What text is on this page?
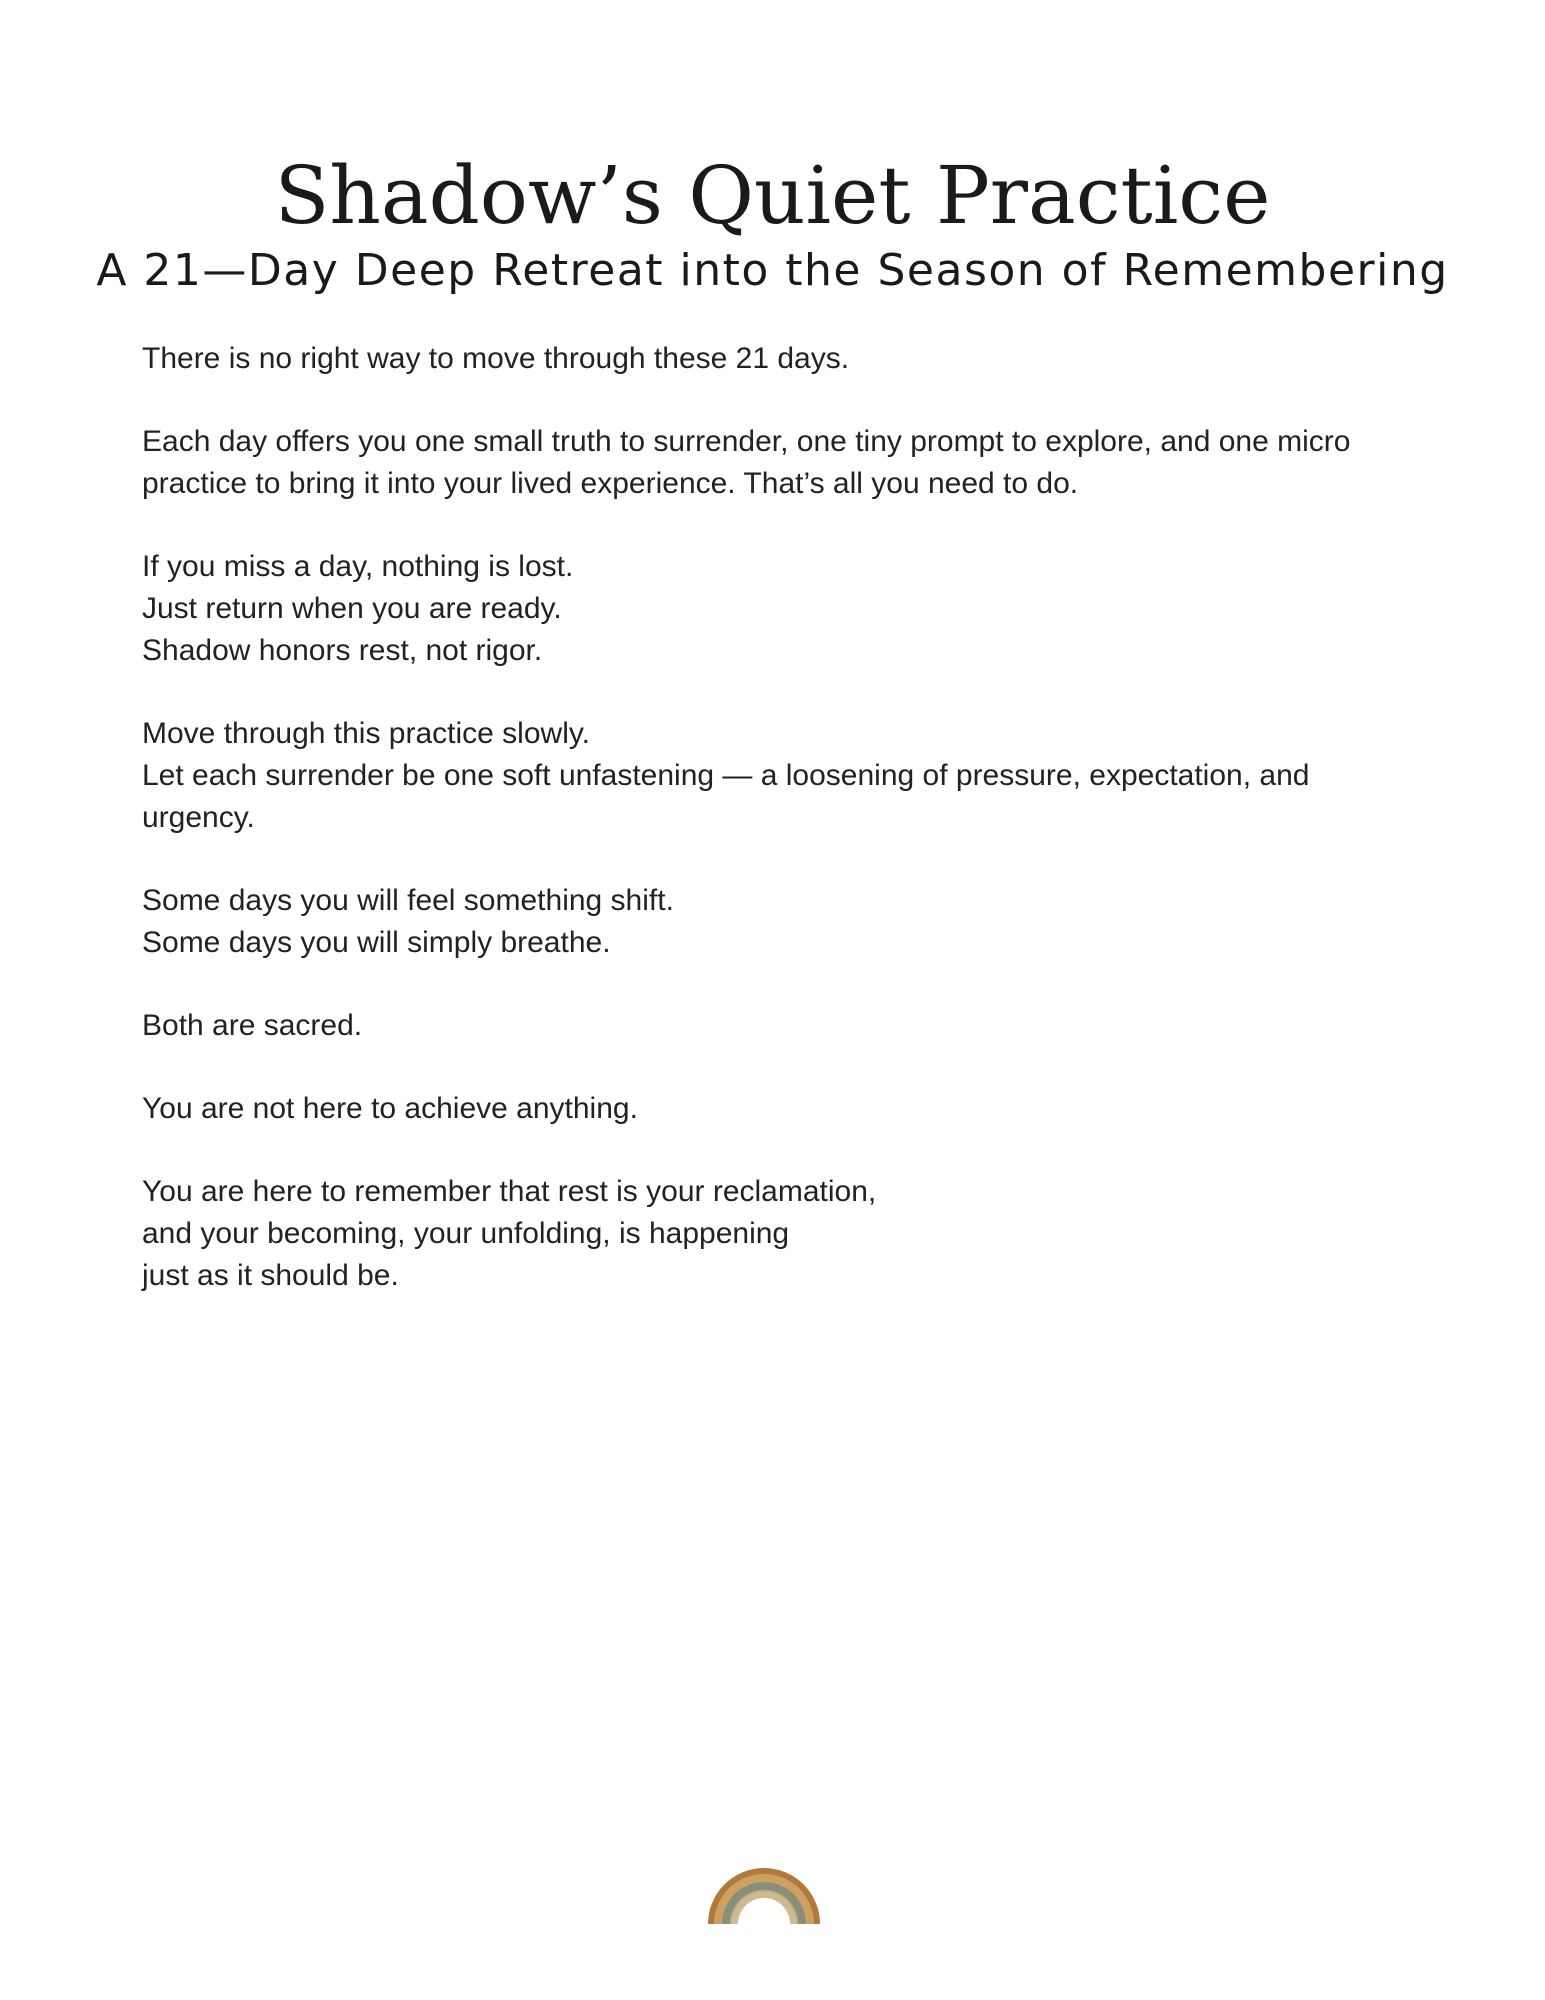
Shadow’s Quiet Practice
A 21—Day Deep Retreat into the Season of Remembering

There is no right way to move through these 21 days.

Each day offers you one small truth to surrender, one tiny prompt to explore, and one micro practice to bring it into your lived experience. That’s all you need to do.

If you miss a day, nothing is lost.
Just return when you are ready.
Shadow honors rest, not rigor.

Move through this practice slowly.
Let each surrender be one soft unfastening — a loosening of pressure, expectation, and urgency.

Some days you will feel something shift.
Some days you will simply breathe.

Both are sacred.

You are not here to achieve anything.

You are here to remember that rest is your reclamation,
and your becoming, your unfolding, is happening
just as it should be.
